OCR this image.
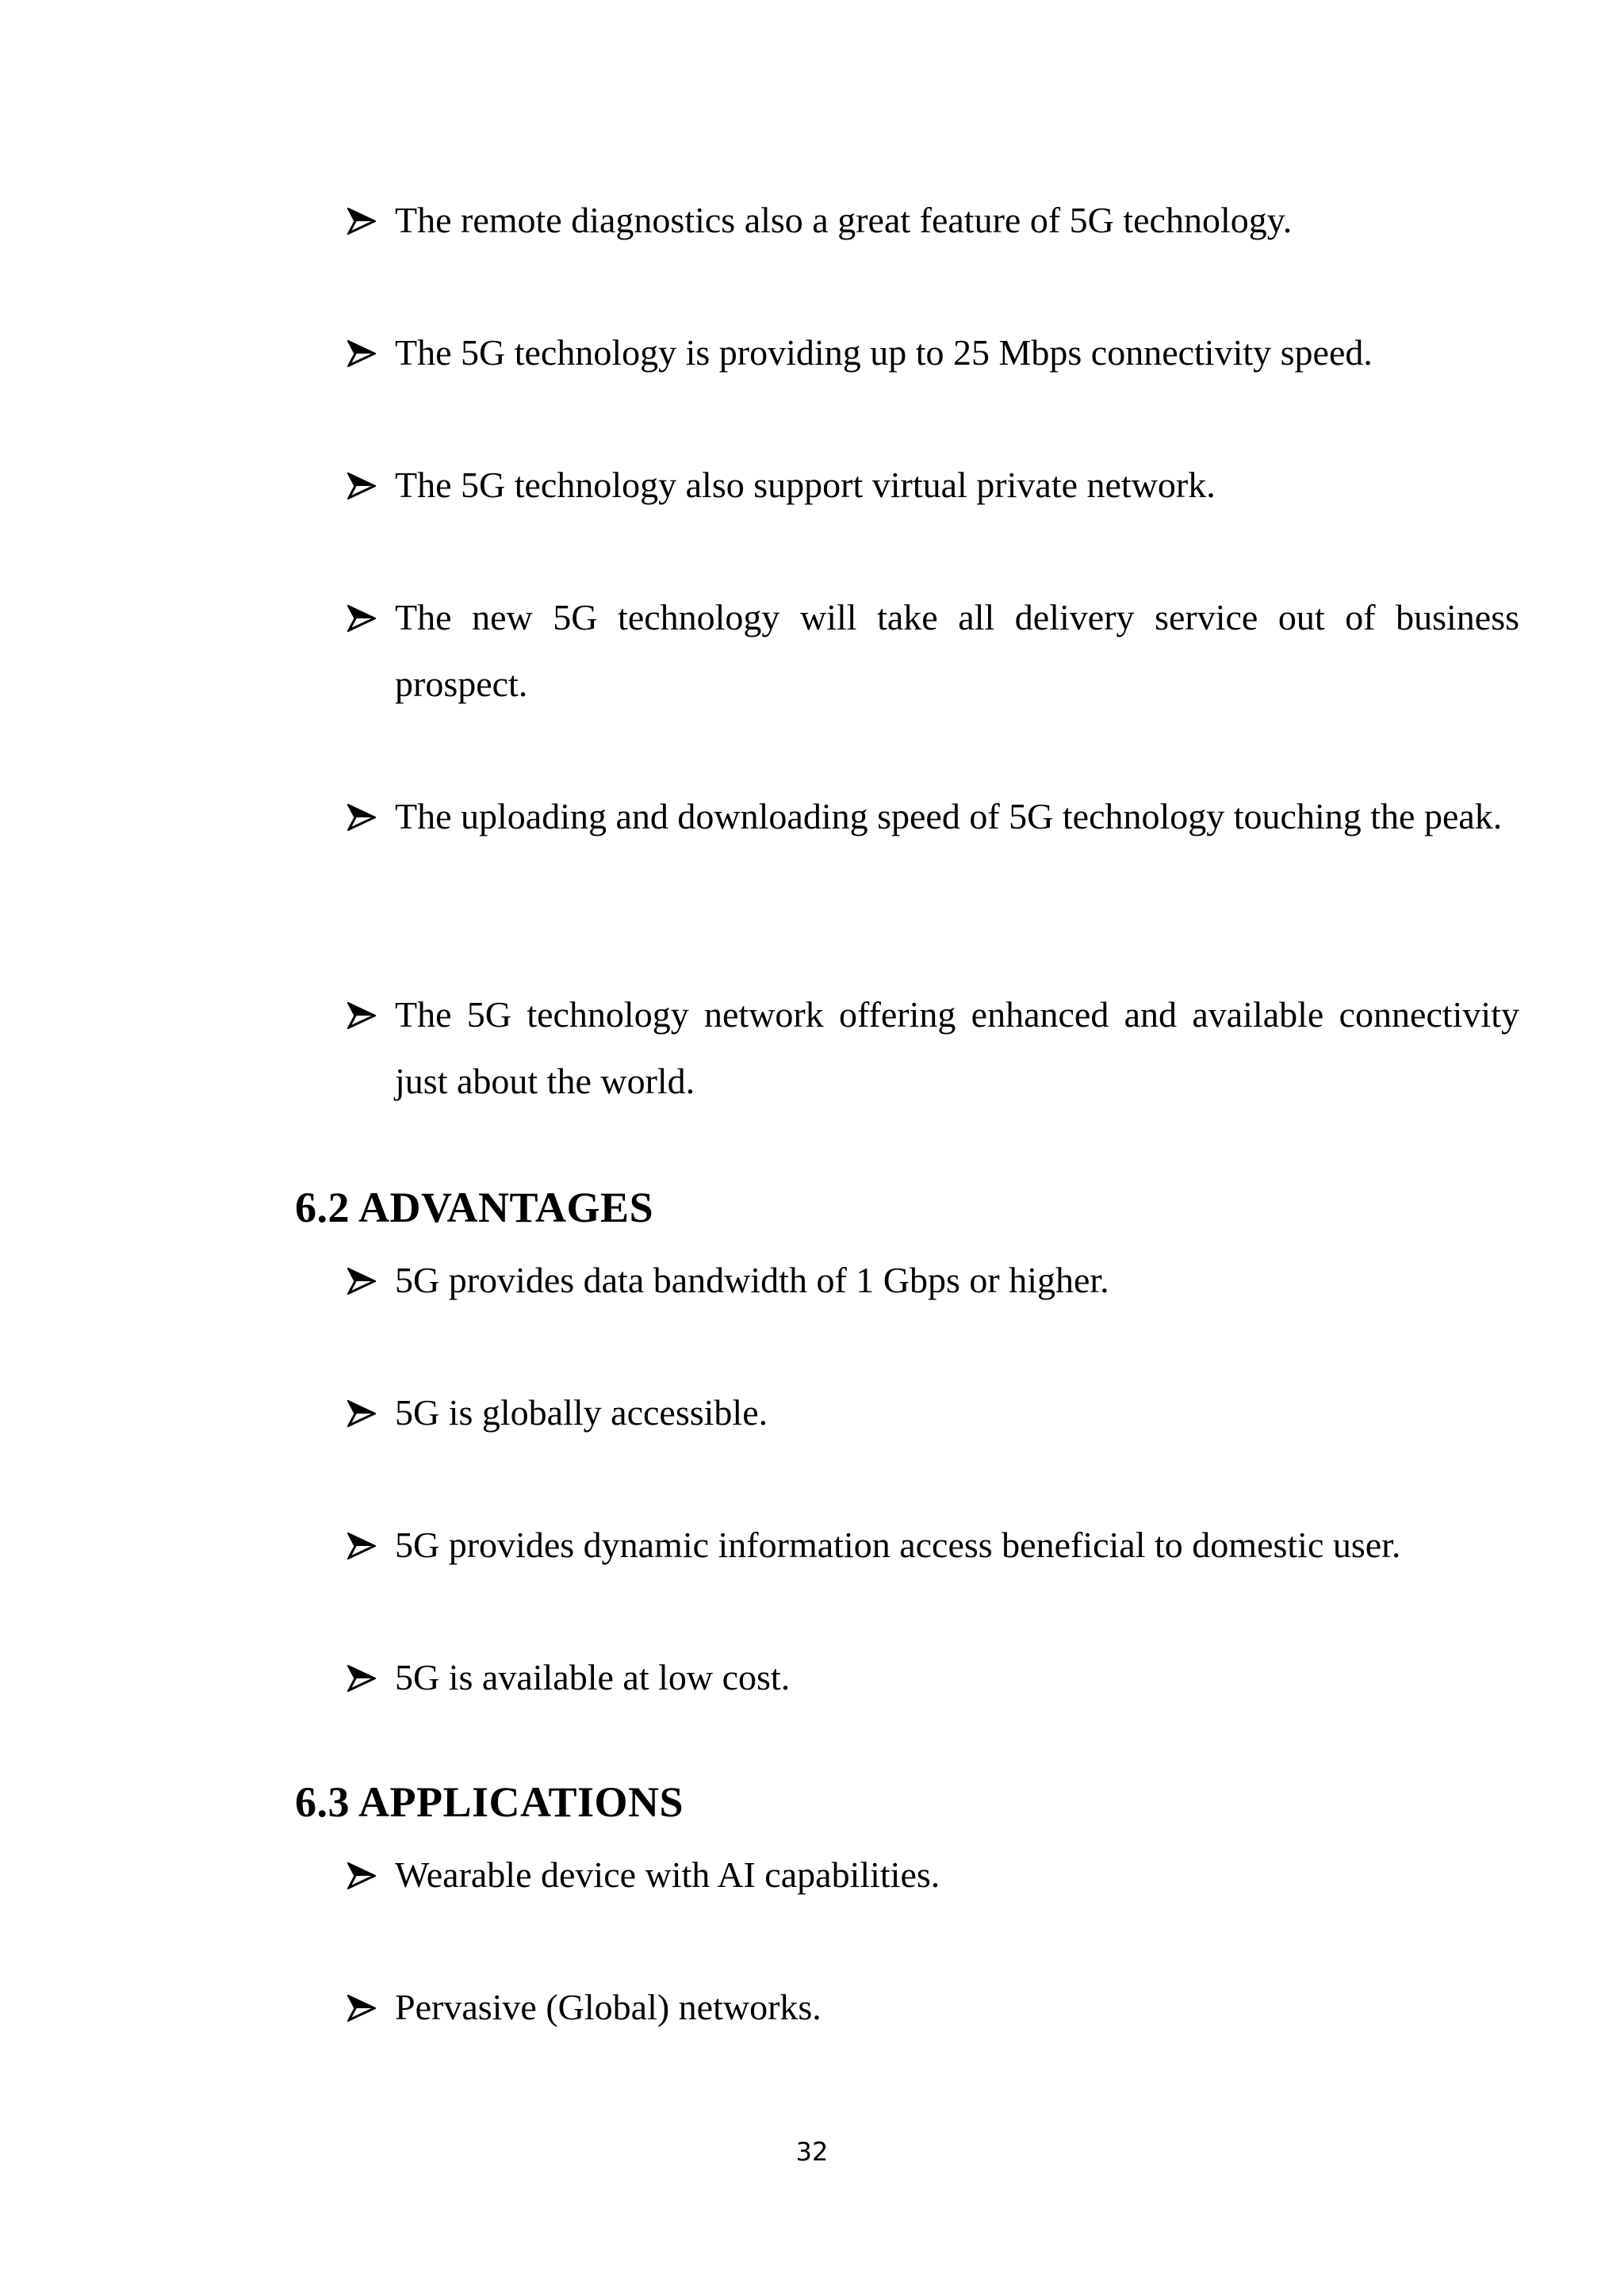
The remote diagnostics also a great feature of 5G technology.
The 5G technology is providing up to 25 Mbps connectivity speed.
The 5G technology also support virtual private network.
The new 5G technology will take all delivery service out of business prospect.
The uploading and downloading speed of 5G technology touching the peak.
The 5G technology network offering enhanced and available connectivity just about the world.
6.2 ADVANTAGES
5G provides data bandwidth of 1 Gbps or higher.
5G is globally accessible.
5G provides dynamic information access beneficial to domestic user.
5G is available at low cost.
6.3 APPLICATIONS
Wearable device with AI capabilities.
Pervasive (Global) networks.
32
